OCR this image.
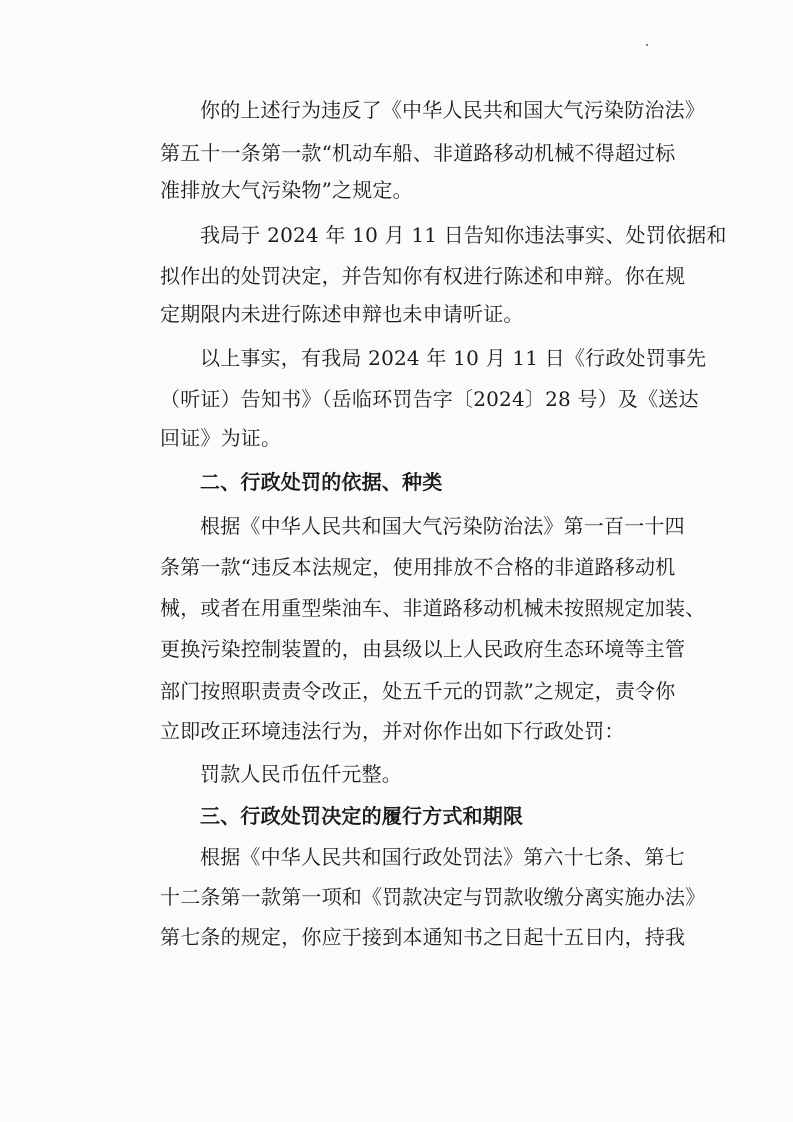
你的上述行为违反了《中华人民共和国大气污染防治法》
第五十一条第一款“机动车船、非道路移动机械不得超过标
准排放大气污染物”之规定。
我局于 2024 年 10 月 11 日告知你违法事实、处罚依据和
拟作出的处罚决定，并告知你有权进行陈述和申辩。你在规
定期限内未进行陈述申辩也未申请听证。
以上事实，有我局 2024 年 10 月 11 日《行政处罚事先
（听证）告知书》（岳临环罚告字〔2024〕28 号）及《送达
回证》为证。
二、行政处罚的依据、种类
根据《中华人民共和国大气污染防治法》第一百一十四
条第一款“违反本法规定，使用排放不合格的非道路移动机
械，或者在用重型柴油车、非道路移动机械未按照规定加装、
更换污染控制装置的，由县级以上人民政府生态环境等主管
部门按照职责责令改正，处五千元的罚款”之规定，责令你
立即改正环境违法行为，并对你作出如下行政处罚：
罚款人民币伍仟元整。
三、行政处罚决定的履行方式和期限
根据《中华人民共和国行政处罚法》第六十七条、第七
十二条第一款第一项和《罚款决定与罚款收缴分离实施办法》
第七条的规定，你应于接到本通知书之日起十五日内，持我
